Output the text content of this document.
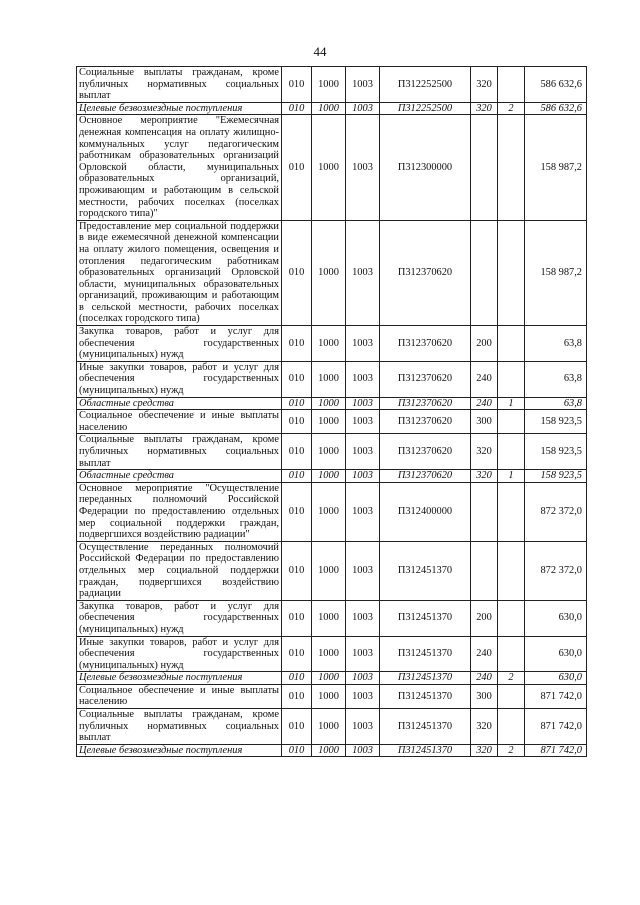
44
Социальные выплаты гражданам, кроме публичных нормативных социальных выплат	010	1000	1003	П312252500	320		586 632,6
Целевые безвозмездные поступления	010	1000	1003	П312252500	320	2	586 632,6
Основное мероприятие "Ежемесячная денежная компенсация на оплату жилищно-коммунальных услуг педагогическим работникам образовательных организаций Орловской области, муниципальных образовательных организаций, проживающим и работающим в сельской местности, рабочих поселках (поселках городского типа)"	010	1000	1003	П312300000			158 987,2
Предоставление мер социальной поддержки в виде ежемесячной денежной компенсации на оплату жилого помещения, освещения и отопления педагогическим работникам образовательных организаций Орловской области, муниципальных образовательных организаций, проживающим и работающим в сельской местности, рабочих поселках (поселках городского типа)	010	1000	1003	П312370620			158 987,2
Закупка товаров, работ и услуг для обеспечения государственных (муниципальных) нужд	010	1000	1003	П312370620	200		63,8
Иные закупки товаров, работ и услуг для обеспечения государственных (муниципальных) нужд	010	1000	1003	П312370620	240		63,8
Областные средства	010	1000	1003	П312370620	240	1	63,8
Социальное обеспечение и иные выплаты населению	010	1000	1003	П312370620	300		158 923,5
Социальные выплаты гражданам, кроме публичных нормативных социальных выплат	010	1000	1003	П312370620	320		158 923,5
Областные средства	010	1000	1003	П312370620	320	1	158 923,5
Основное мероприятие "Осуществление переданных полномочий Российской Федерации по предоставлению отдельных мер социальной поддержки граждан, подвергшихся воздействию радиации"	010	1000	1003	П312400000			872 372,0
Осуществление переданных полномочий Российской Федерации по предоставлению отдельных мер социальной поддержки граждан, подвергшихся воздействию радиации	010	1000	1003	П312451370			872 372,0
Закупка товаров, работ и услуг для обеспечения государственных (муниципальных) нужд	010	1000	1003	П312451370	200		630,0
Иные закупки товаров, работ и услуг для обеспечения государственных (муниципальных) нужд	010	1000	1003	П312451370	240		630,0
Целевые безвозмездные поступления	010	1000	1003	П312451370	240	2	630,0
Социальное обеспечение и иные выплаты населению	010	1000	1003	П312451370	300		871 742,0
Социальные выплаты гражданам, кроме публичных нормативных социальных выплат	010	1000	1003	П312451370	320		871 742,0
Целевые безвозмездные поступления	010	1000	1003	П312451370	320	2	871 742,0
